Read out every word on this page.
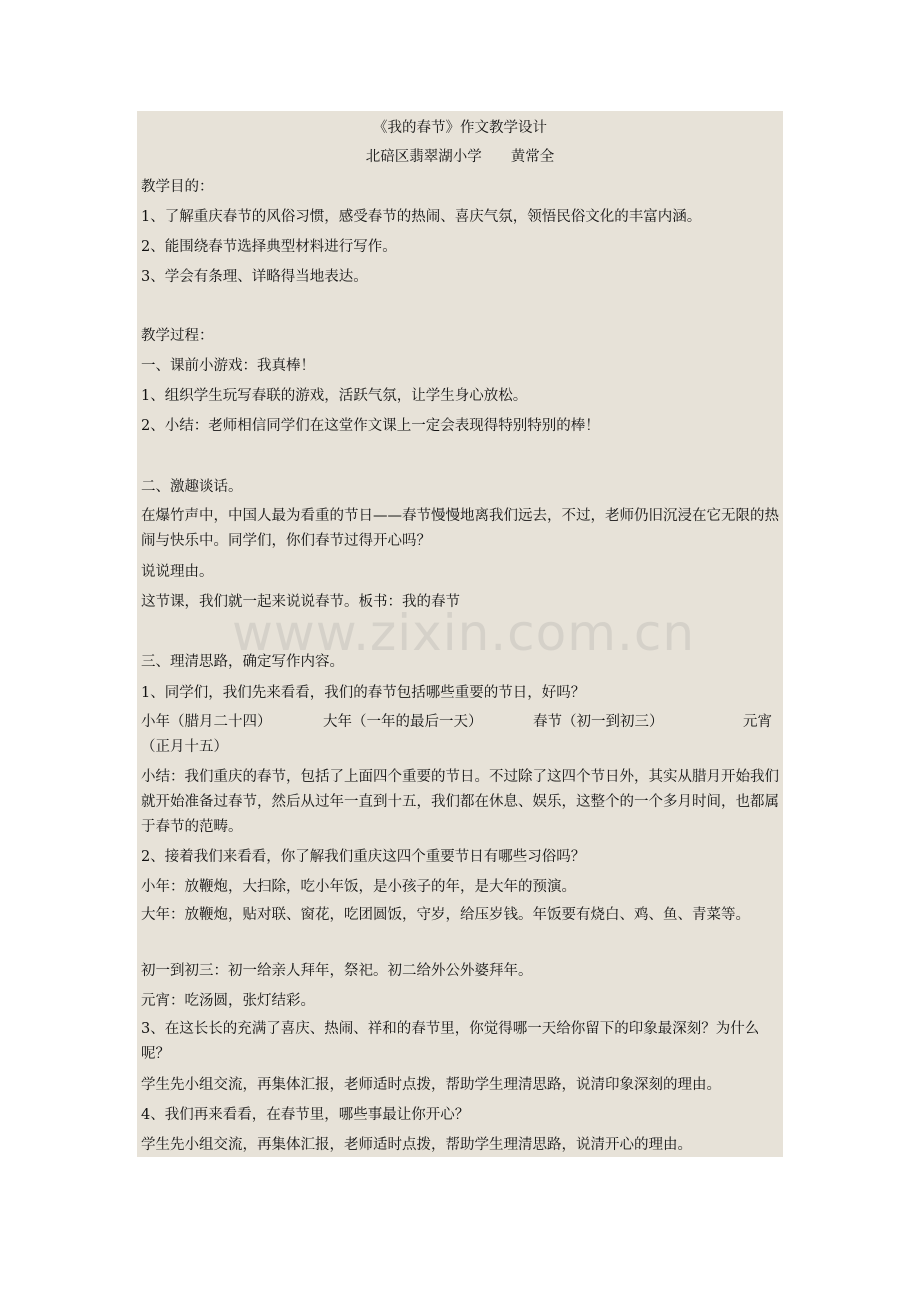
《我的春节》作文教学设计
北碚区翡翠湖小学　　黄常全
教学目的：
1、了解重庆春节的风俗习惯，感受春节的热闹、喜庆气氛，领悟民俗文化的丰富内涵。
2、能围绕春节选择典型材料进行写作。
3、学会有条理、详略得当地表达。
教学过程：
一、课前小游戏：我真棒！
1、组织学生玩写春联的游戏，活跃气氛，让学生身心放松。
2、小结：老师相信同学们在这堂作文课上一定会表现得特别特别的棒！
二、激趣谈话。
在爆竹声中，中国人最为看重的节日——春节慢慢地离我们远去，不过，老师仍旧沉浸在它无限的热闹与快乐中。同学们，你们春节过得开心吗？
说说理由。
这节课，我们就一起来说说春节。板书：我的春节
三、理清思路，确定写作内容。
1、同学们，我们先来看看，我们的春节包括哪些重要的节日，好吗？
小年（腊月二十四）	大年（一年的最后一天）	春节（初一到初三）	元宵
（正月十五）
小结：我们重庆的春节，包括了上面四个重要的节日。不过除了这四个节日外，其实从腊月开始我们就开始准备过春节，然后从过年一直到十五，我们都在休息、娱乐，这整个的一个多月时间，也都属于春节的范畴。
2、接着我们来看看，你了解我们重庆这四个重要节日有哪些习俗吗？
小年：放鞭炮，大扫除，吃小年饭，是小孩子的年，是大年的预演。
大年：放鞭炮，贴对联、窗花，吃团圆饭，守岁，给压岁钱。年饭要有烧白、鸡、鱼、青菜等。
初一到初三：初一给亲人拜年，祭祀。初二给外公外婆拜年。
元宵：吃汤圆，张灯结彩。
3、在这长长的充满了喜庆、热闹、祥和的春节里，你觉得哪一天给你留下的印象最深刻？为什么呢？
学生先小组交流，再集体汇报，老师适时点拨，帮助学生理清思路，说清印象深刻的理由。
4、我们再来看看，在春节里，哪些事最让你开心？
学生先小组交流，再集体汇报，老师适时点拨，帮助学生理清思路，说清开心的理由。
www.zixin.com.cn
